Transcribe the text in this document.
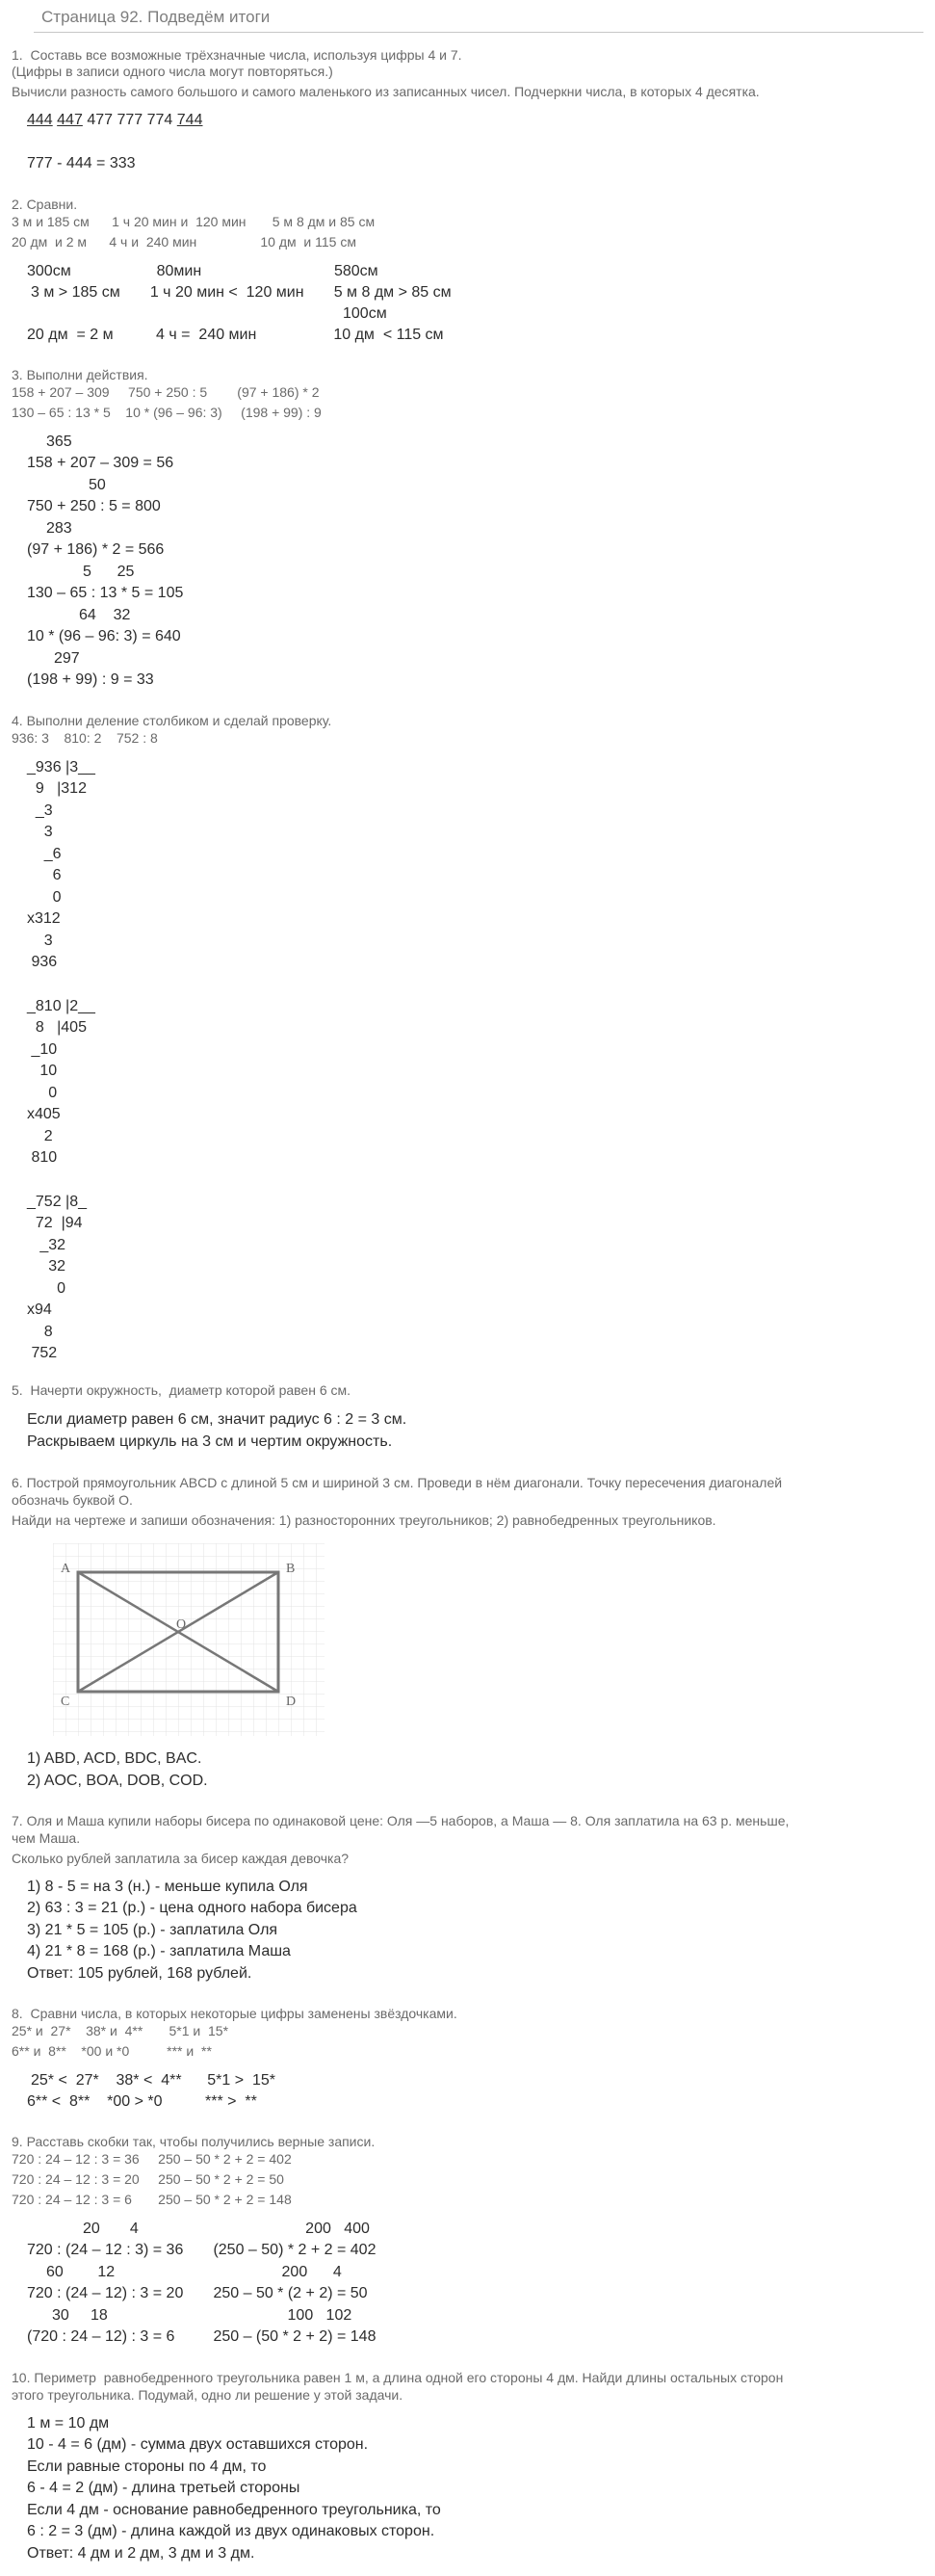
Страница 92. Подведём итоги
1.  Составь все возможные трёхзначные числа, используя цифры 4 и 7.
(Цифры в записи одного числа могут повторяться.)
Вычисли разность самого большого и самого маленького из записанных чисел. Подчеркни числа, в которых 4 десятка.
444 447 477 777 774 744
777 - 444 = 333
2. Сравни.
3 м и 185 см      1 ч 20 мин и  120 мин       5 м 8 дм и 85 см
20 дм  и 2 м      4 ч и  240 мин                 10 дм  и 115 см
300см                    80мин                               580см
3 м > 185 см       1 ч 20 мин <  120 мин       5 м 8 дм > 85 см
100см
20 дм  = 2 м          4 ч =  240 мин                  10 дм  < 115 см
3. Выполни действия.
158 + 207 – 309     750 + 250 : 5        (97 + 186) * 2
130 – 65 : 13 * 5    10 * (96 – 96: 3)     (198 + 99) : 9
365
158 + 207 – 309 = 56
50
750 + 250 : 5 = 800
283
(97 + 186) * 2 = 566
5      25
130 – 65 : 13 * 5 = 105
64    32
10 * (96 – 96: 3) = 640
297
(198 + 99) : 9 = 33
4. Выполни деление столбиком и сделай проверку.
936: 3    810: 2    752 : 8
_936 |3__
9   |312
_3
3
_6
6
0
x312
3
936
_810 |2__
8   |405
_10
10
0
x405
2
810
_752 |8_
72  |94
_32
32
0
x94
8
752
5.  Начерти окружность,  диаметр которой равен 6 см.
Если диаметр равен 6 см, значит радиус 6 : 2 = 3 см.
Раскрываем циркуль на 3 см и чертим окружность.
6. Построй прямоугольник ABCD с длиной 5 см и шириной 3 см. Проведи в нём диагонали. Точку пересечения диагоналей
обозначь буквой O.
Найди на чертеже и запиши обозначения: 1) разносторонних треугольников; 2) равнобедренных треугольников.
A	B
C	D
O
1) ABD, ACD, BDC, BAC.
2) AOC, BOA, DOB, COD.
7. Оля и Маша купили наборы бисера по одинаковой цене: Оля —5 наборов, а Маша — 8. Оля заплатила на 63 р. меньше,
чем Маша.
Сколько рублей заплатила за бисер каждая девочка?
1) 8 - 5 = на 3 (н.) - меньше купила Оля
2) 63 : 3 = 21 (р.) - цена одного набора бисера
3) 21 * 5 = 105 (р.) - заплатила Оля
4) 21 * 8 = 168 (р.) - заплатила Маша
Ответ: 105 рублей, 168 рублей.
8.  Сравни числа, в которых некоторые цифры заменены звёздочками.
25* и  27*    38* и  4**       5*1 и  15*
6** и  8**    *00 и *0          *** и  **
25* <  27*    38* <  4**      5*1 >  15*
6** <  8**    *00 > *0          *** >  **
9. Расставь скобки так, чтобы получились верные записи.
720 : 24 – 12 : 3 = 36     250 – 50 * 2 + 2 = 402
720 : 24 – 12 : 3 = 20     250 – 50 * 2 + 2 = 50
720 : 24 – 12 : 3 = 6       250 – 50 * 2 + 2 = 148
20       4                                       200   400
720 : (24 – 12 : 3) = 36       (250 – 50) * 2 + 2 = 402
60        12                                       200      4
720 : (24 – 12) : 3 = 20       250 – 50 * (2 + 2) = 50
30     18                                          100   102
(720 : 24 – 12) : 3 = 6         250 – (50 * 2 + 2) = 148
10. Периметр  равнобедренного треугольника равен 1 м, а длина одной его стороны 4 дм. Найди длины остальных сторон
этого треугольника. Подумай, одно ли решение у этой задачи.
1 м = 10 дм
10 - 4 = 6 (дм) - сумма двух оставшихся сторон.
Если равные стороны по 4 дм, то
6 - 4 = 2 (дм) - длина третьей стороны
Если 4 дм - основание равнобедренного треугольника, то
6 : 2 = 3 (дм) - длина каждой из двух одинаковых сторон.
Ответ: 4 дм и 2 дм, 3 дм и 3 дм.
